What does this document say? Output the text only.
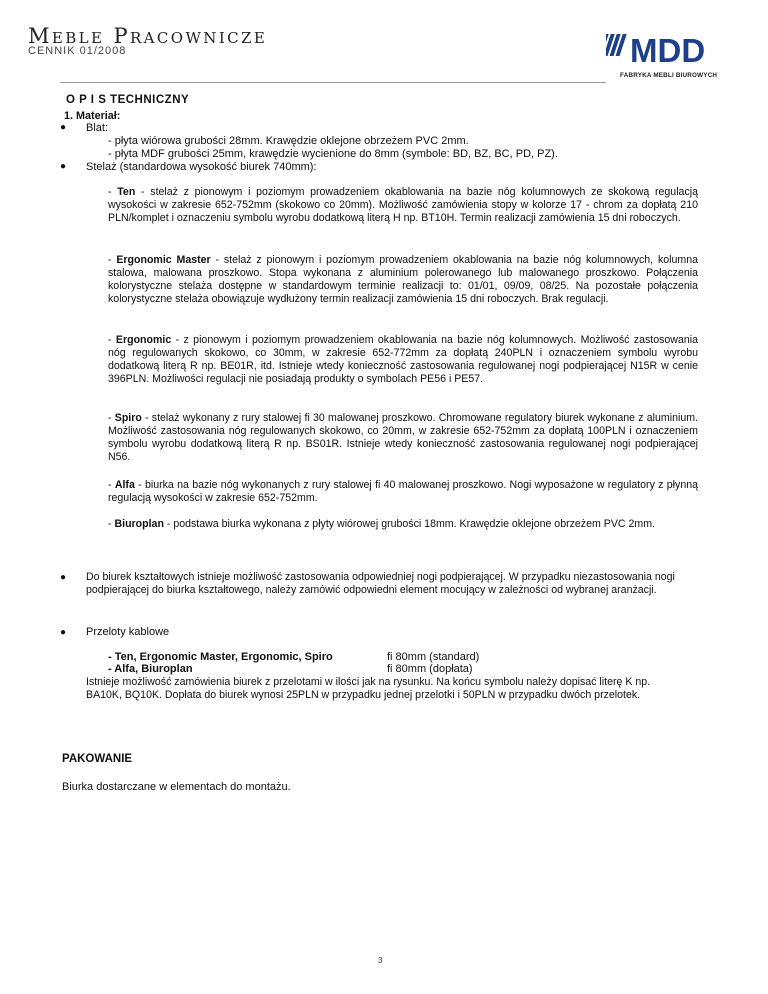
Meble Pracownicze
CENNIK 01/2008	MDD
FABRYKA MEBLI BIUROWYCH
O P I S TECHNICZNY
1. Materiał:
● Blat:
- płyta wiórowa grubości 28mm. Krawędzie oklejone obrzeżem PVC 2mm.
- płyta MDF grubości 25mm, krawędzie wycienione do 8mm (symbole: BD, BZ, BC, PD, PZ).
● Stelaż (standardowa wysokość biurek 740mm):
- Ten - stelaż z pionowym i poziomym prowadzeniem okablowania na bazie nóg kolumnowych ze skokową regulacją wysokości w zakresie 652-752mm (skokowo co 20mm). Możliwość zamówienia stopy w kolorze 17 - chrom za dopłatą 210 PLN/komplet i oznaczeniu symbolu wyrobu dodatkową literą H np. BT10H. Termin realizacji zamówienia 15 dni roboczych.
- Ergonomic Master - stelaż z pionowym i poziomym prowadzeniem okablowania na bazie nóg kolumnowych, kolumna stalowa, malowana proszkowo. Stopa wykonana z aluminium polerowanego lub malowanego proszkowo. Połączenia kolorystyczne stelaża dostępne w standardowym terminie realizacji to: 01/01, 09/09, 08/25. Na pozostałe połączenia kolorystyczne stelaża obowiązuje wydłużony termin realizacji zamówienia 15 dni roboczych. Brak regulacji.
- Ergonomic - z pionowym i poziomym prowadzeniem okablowania na bazie nóg kolumnowych. Możliwość zastosowania nóg regulowanych skokowo, co 30mm, w zakresie 652-772mm za dopłatą 240PLN i oznaczeniem symbolu wyrobu dodatkową literą R np. BE01R, itd. Istnieje wtedy konieczność zastosowania regulowanej nogi podpierającej N15R w cenie 396PLN. Możliwości regulacji nie posiadają produkty o symbolach PE56 i PE57.
- Spiro - stelaż wykonany z rury stalowej fi 30 malowanej proszkowo. Chromowane regulatory biurek wykonane z aluminium. Możliwość zastosowania nóg regulowanych skokowo, co 20mm, w zakresie 652-752mm za dopłatą 100PLN i oznaczeniem symbolu wyrobu dodatkową literą R np. BS01R. Istnieje wtedy konieczność zastosowania regulowanej nogi podpierającej N56.
- Alfa - biurka na bazie nóg wykonanych z rury stalowej fi 40 malowanej proszkowo. Nogi wyposażone w regulatory z płynną regulacją wysokości w zakresie 652-752mm.
- Biuroplan - podstawa biurka wykonana z płyty wiórowej grubości 18mm. Krawędzie oklejone obrzeżem PVC 2mm.
● Do biurek kształtowych istnieje możliwość zastosowania odpowiedniej nogi podpierającej. W przypadku niezastosowania nogi podpierającej do biurka kształtowego, należy zamówić odpowiedni element mocujący w zależności od wybranej aranżacji.
● Przeloty kablowe
- Ten, Ergonomic Master, Ergonomic, Spiro	fi 80mm (standard)
- Alfa, Biuroplan	fi 80mm (dopłata)
Istnieje możliwość zamówienia biurek z przelotami w ilości jak na rysunku. Na końcu symbolu należy dopisać literę K np. BA10K, BQ10K. Dopłata do biurek wynosi 25PLN w przypadku jednej przelotki i 50PLN w przypadku dwóch przelotek.
PAKOWANIE
Biurka dostarczane w elementach do montażu.
3
